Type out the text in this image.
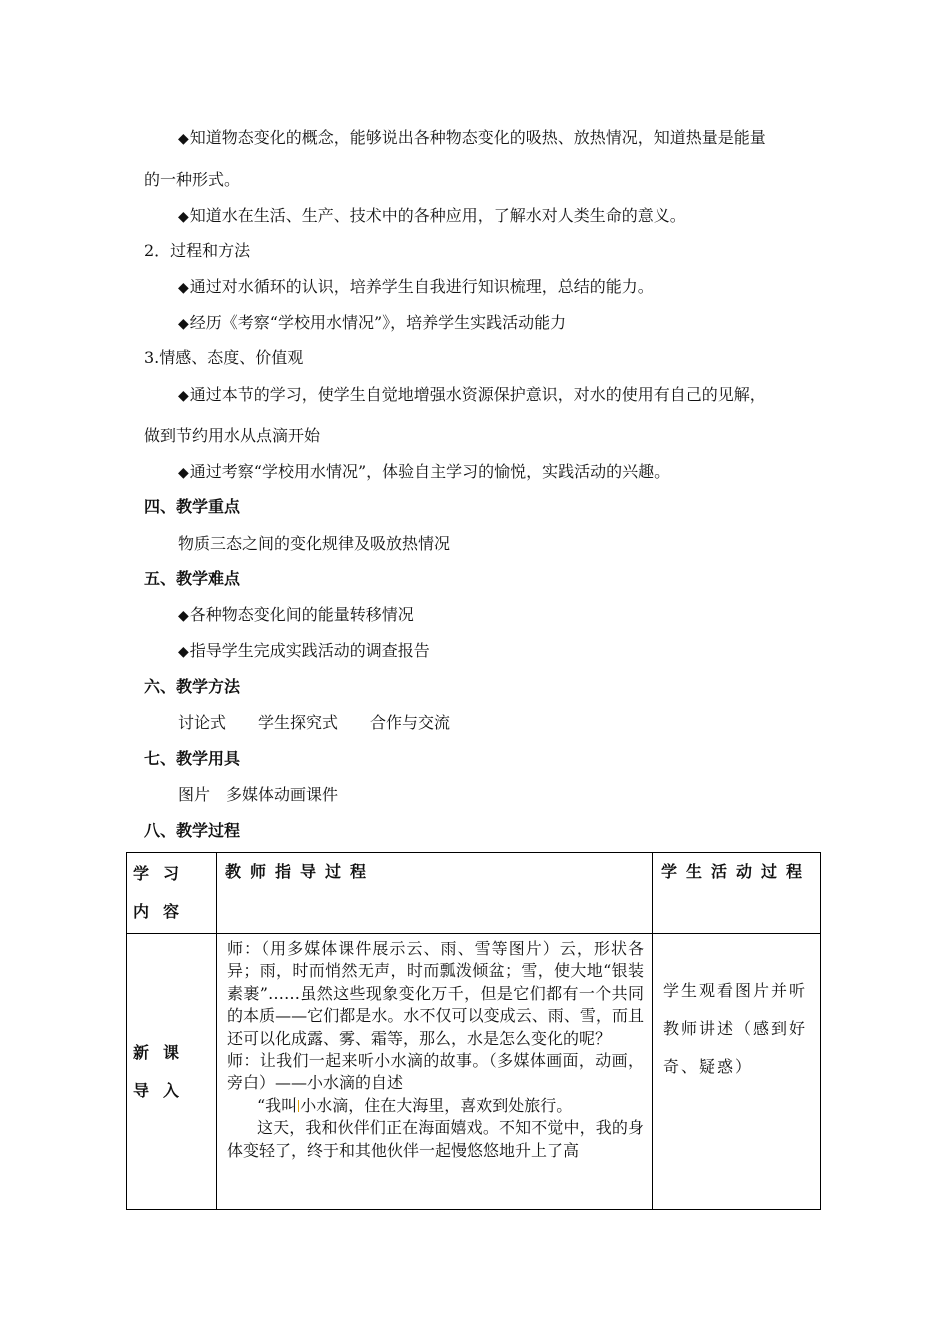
◆知道物态变化的概念，能够说出各种物态变化的吸热、放热情况，知道热量是能量
的一种形式。
◆知道水在生活、生产、技术中的各种应用，了解水对人类生命的意义。
2．过程和方法
◆通过对水循环的认识，培养学生自我进行知识梳理，总结的能力。
◆经历《考察“学校用水情况”》，培养学生实践活动能力
3.情感、态度、价值观
◆通过本节的学习，使学生自觉地增强水资源保护意识，对水的使用有自己的见解，
做到节约用水从点滴开始
◆通过考察“学校用水情况”，体验自主学习的愉悦，实践活动的兴趣。
四、教学重点
物质三态之间的变化规律及吸放热情况
五、教学难点
◆各种物态变化间的能量转移情况
◆指导学生完成实践活动的调查报告
六、教学方法
讨论式　　学生探究式　　合作与交流
七、教学用具
图片　多媒体动画课件
八、教学过程
学习内容	教师指导过程	学生活动过程
新课导入	师：（用多媒体课件展示云、雨、雪等图片）云，形状各异；雨，时而悄然无声，时而瓢泼倾盆；雪，使大地“银装素裹”……虽然这些现象变化万千，但是它们都有一个共同的本质——它们都是水。水不仅可以变成云、雨、雪，而且还可以化成露、雾、霜等，那么，水是怎么变化的呢？

师：让我们一起来听小水滴的故事。（多媒体画面，动画，旁白）——小水滴的自述

“我叫 小水滴，住在大海里，喜欢到处旅行。

这天，我和伙伴们正在海面嬉戏。不知不觉中，我的身体变轻了，终于和其他伙伴一起慢悠悠地升上了高	学生观看图片并听教师讲述（感到好奇、疑惑）
